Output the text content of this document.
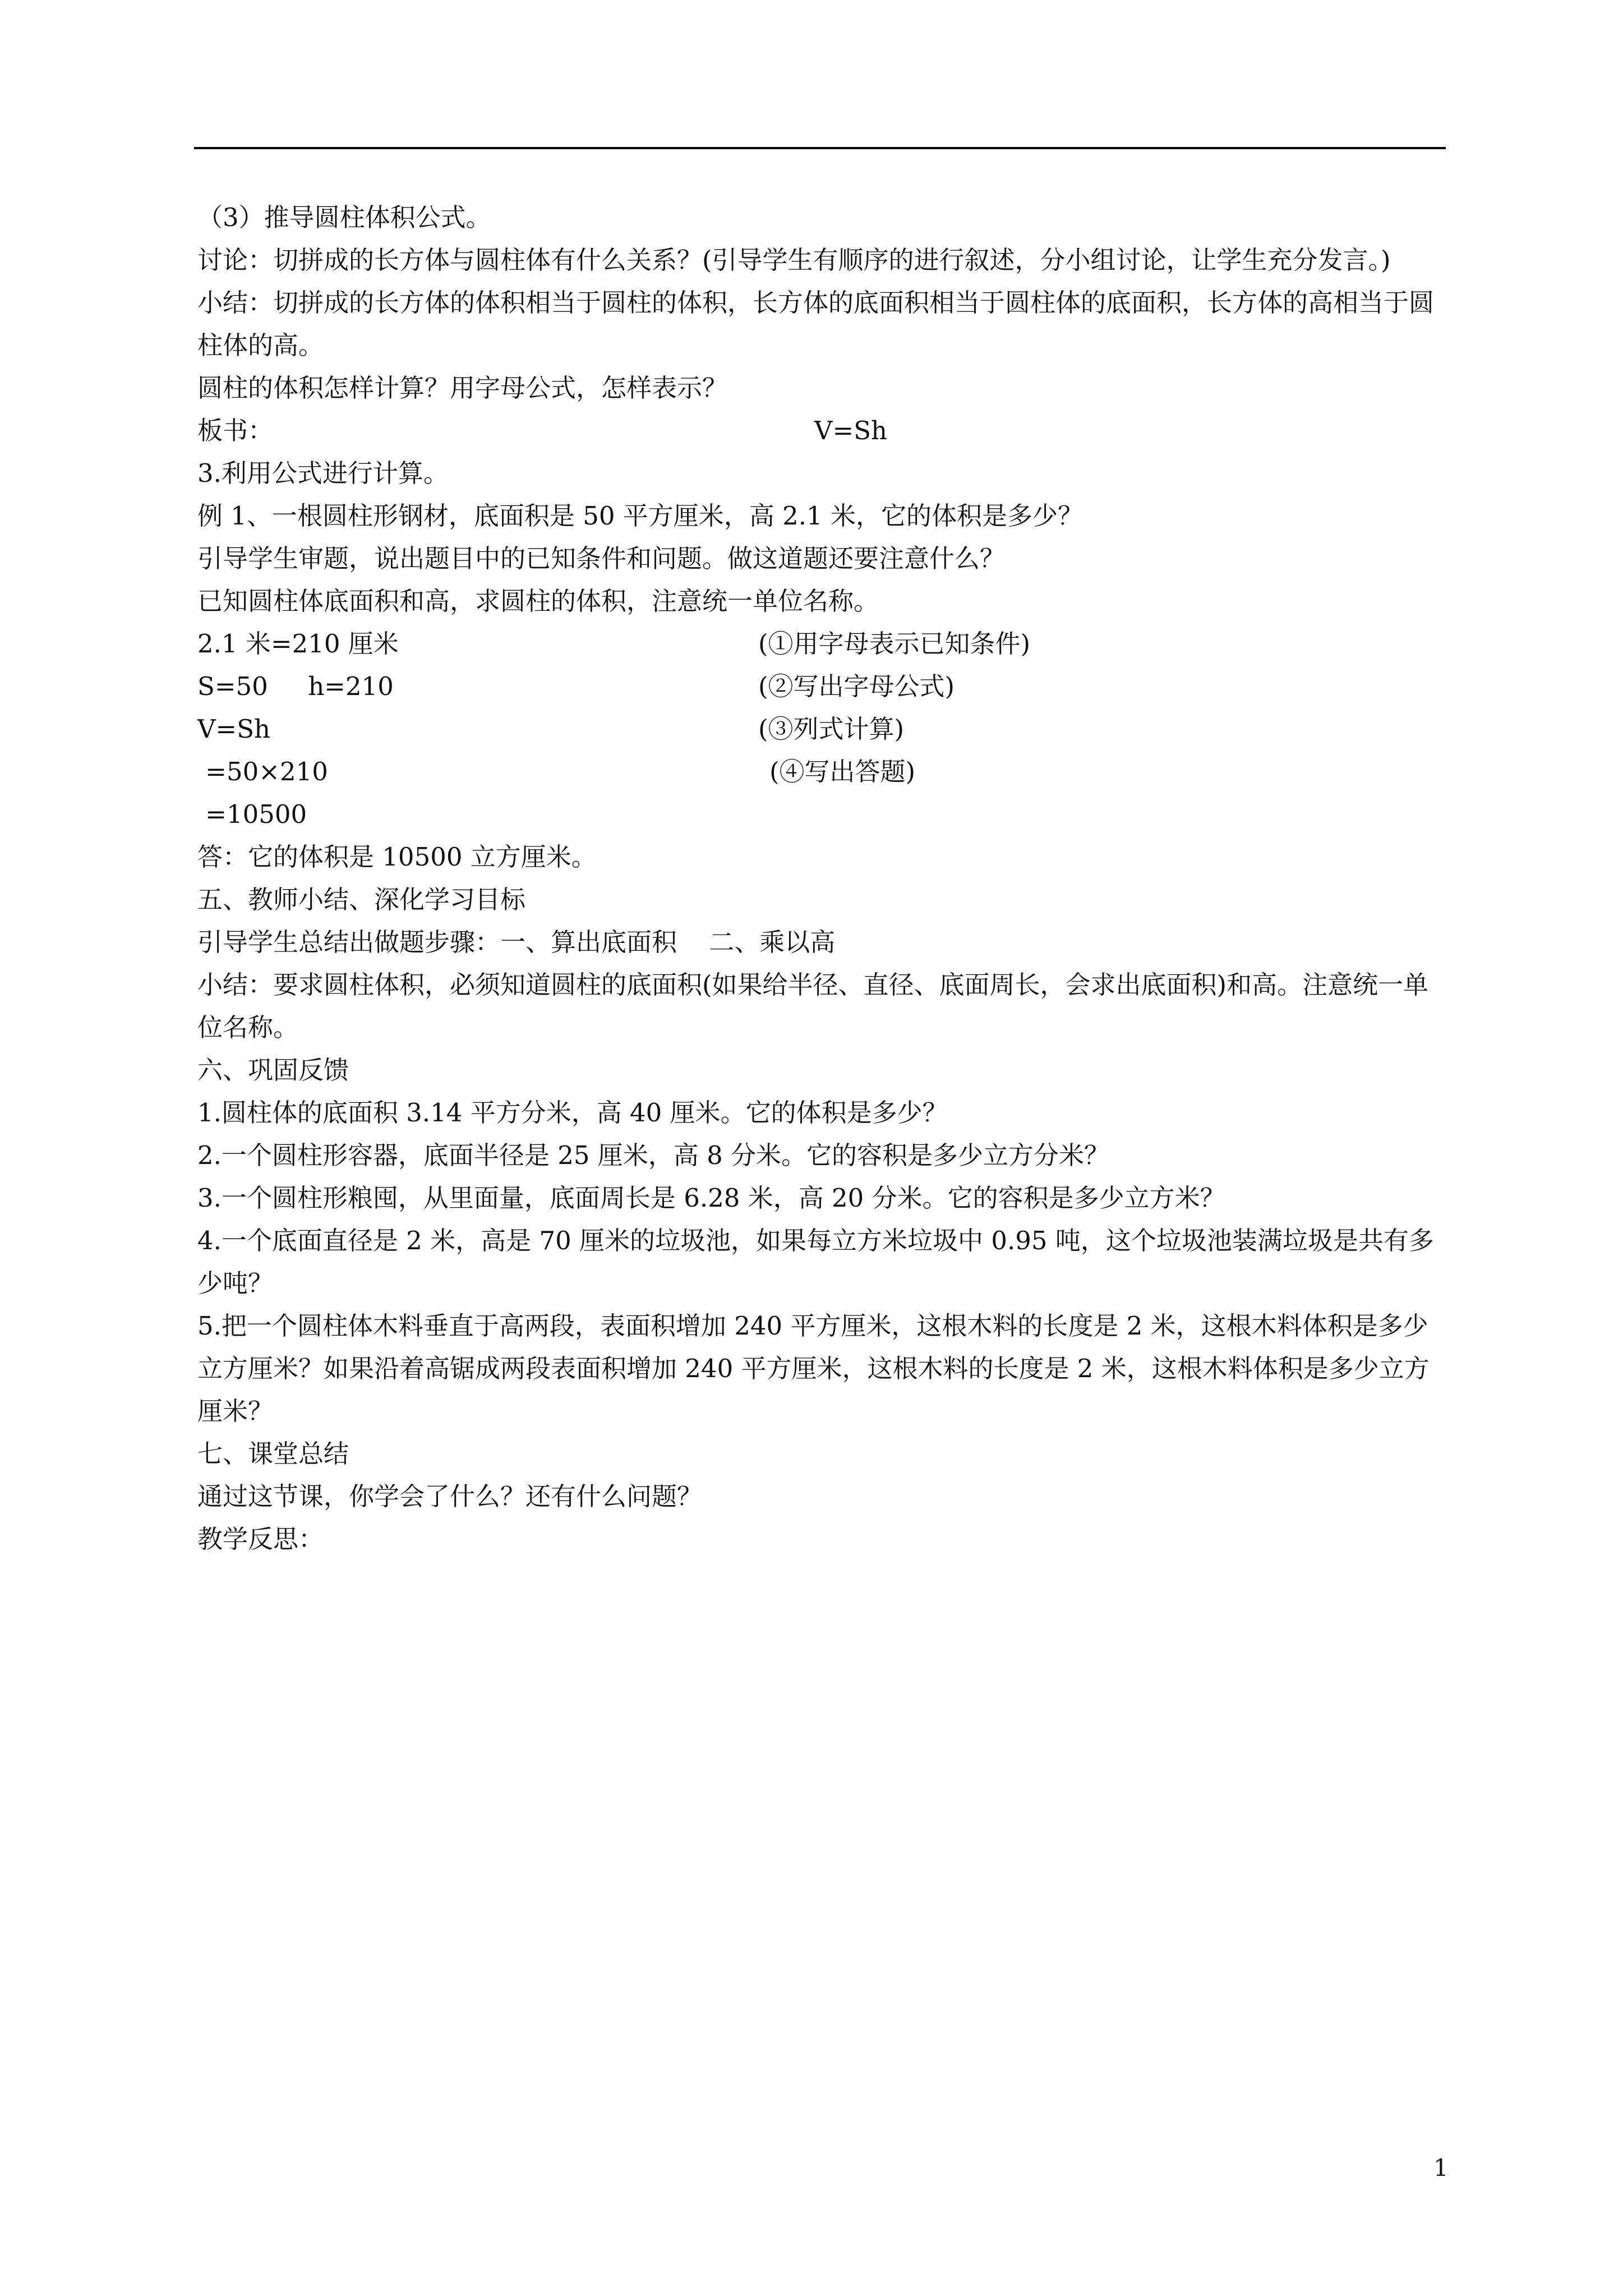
（3）推导圆柱体积公式。
讨论：切拼成的长方体与圆柱体有什么关系？(引导学生有顺序的进行叙述，分小组讨论，让学生充分发言。)
小结：切拼成的长方体的体积相当于圆柱的体积，长方体的底面积相当于圆柱体的底面积，长方体的高相当于圆柱体的高。
圆柱的体积怎样计算？用字母公式，怎样表示？
板书：	V=Sh
3.利用公式进行计算。
例 1、一根圆柱形钢材，底面积是 50 平方厘米，高 2.1 米，它的体积是多少？
引导学生审题，说出题目中的已知条件和问题。做这道题还要注意什么？
已知圆柱体底面积和高，求圆柱的体积，注意统一单位名称。
2.1 米=210 厘米	(①用字母表示已知条件)
S=50     h=210	(②写出字母公式)
V=Sh	(③列式计算)
=50×210	(④写出答题)
=10500
答：它的体积是 10500 立方厘米。
五、教师小结、深化学习目标
引导学生总结出做题步骤：一、算出底面积    二、乘以高
小结：要求圆柱体积，必须知道圆柱的底面积(如果给半径、直径、底面周长，会求出底面积)和高。注意统一单位名称。
六、巩固反馈
1.圆柱体的底面积 3.14 平方分米，高 40 厘米。它的体积是多少？
2.一个圆柱形容器，底面半径是 25 厘米，高 8 分米。它的容积是多少立方分米？
3.一个圆柱形粮囤，从里面量，底面周长是 6.28 米，高 20 分米。它的容积是多少立方米？
4.一个底面直径是 2 米，高是 70 厘米的垃圾池，如果每立方米垃圾中 0.95 吨，这个垃圾池装满垃圾是共有多少吨？
5.把一个圆柱体木料垂直于高两段，表面积增加 240 平方厘米，这根木料的长度是 2 米，这根木料体积是多少立方厘米？如果沿着高锯成两段表面积增加 240 平方厘米，这根木料的长度是 2 米，这根木料体积是多少立方厘米？
七、课堂总结
通过这节课，你学会了什么？还有什么问题？
教学反思：
1
